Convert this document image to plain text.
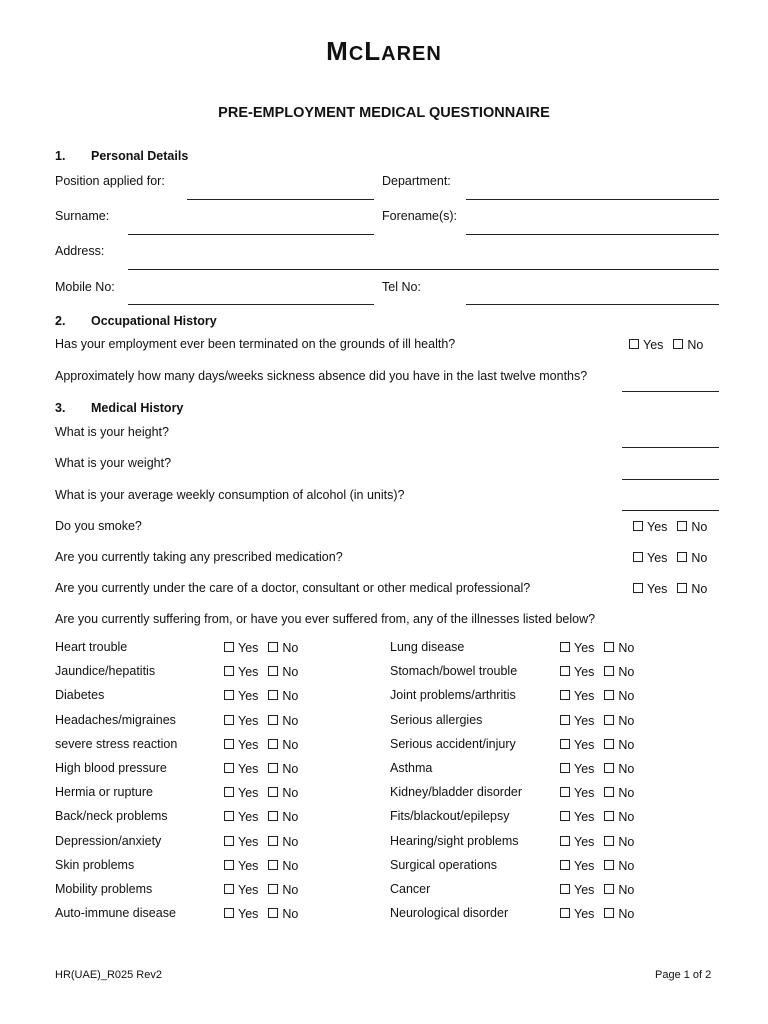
MCLAREN
PRE-EMPLOYMENT MEDICAL QUESTIONNAIRE
1. Personal Details
Position applied for:	Department:
Surname:	Forename(s):
Address:
Mobile No:	Tel No:
2. Occupational History
Has your employment ever been terminated on the grounds of ill health?	Yes No
Approximately how many days/weeks sickness absence did you have in the last twelve months?
3. Medical History
What is your height?
What is your weight?
What is your average weekly consumption of alcohol (in units)?
Do you smoke?	Yes No
Are you currently taking any prescribed medication?	Yes No
Are you currently under the care of a doctor, consultant or other medical professional?	Yes No
Are you currently suffering from, or have you ever suffered from, any of the illnesses listed below?
Heart trouble	Yes No
Jaundice/hepatitis	Yes No
Diabetes	Yes No
Headaches/migraines	Yes No
severe stress reaction	Yes No
High blood pressure	Yes No
Hermia or rupture	Yes No
Back/neck problems	Yes No
Depression/anxiety	Yes No
Skin problems	Yes No
Mobility problems	Yes No
Auto-immune disease	Yes No
Lung disease	Yes No
Stomach/bowel trouble	Yes No
Joint problems/arthritis	Yes No
Serious allergies	Yes No
Serious accident/injury	Yes No
Asthma	Yes No
Kidney/bladder disorder	Yes No
Fits/blackout/epilepsy	Yes No
Hearing/sight problems	Yes No
Surgical operations	Yes No
Cancer	Yes No
Neurological disorder	Yes No
HR(UAE)_R025 Rev2	Page 1 of 2
